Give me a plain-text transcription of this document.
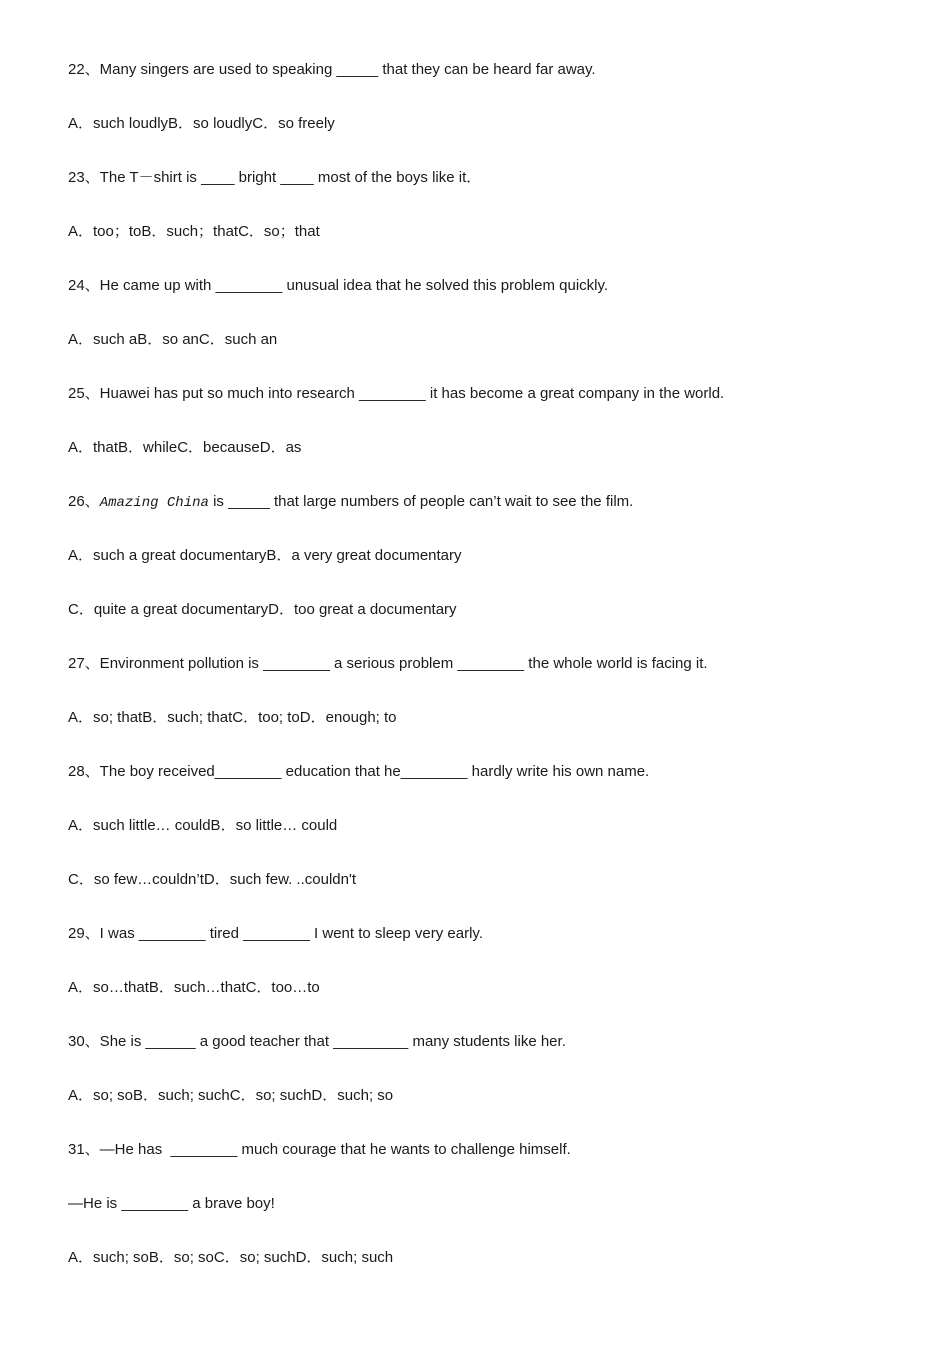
22、Many singers are used to speaking _____ that they can be heard far away.
A．such loudlyB．so loudlyC．so freely
23、The T－shirt is ____ bright ____ most of the boys like it．
A．too；toB．such；thatC．so；that
24、He came up with ________ unusual idea that he solved this problem quickly.
A．such aB．so anC．such an
25、Huawei has put so much into research ________ it has become a great company in the world.
A．thatB．whileC．becauseD．as
26、Amazing China is _____ that large numbers of people can’t wait to see the film.
A．such a great documentaryB．a very great documentary
C．quite a great documentaryD．too great a documentary
27、Environment pollution is ________ a serious problem ________ the whole world is facing it.
A．so; thatB．such; thatC．too; toD．enough; to
28、The boy received________ education that he________ hardly write his own name.
A．such little… couldB．so little… could
C．so few…couldn’tD．such few. ..couldn't
29、I was ________ tired ________ I went to sleep very early.
A．so…thatB．such…thatC．too…to
30、She is ______ a good teacher that _________ many students like her.
A．so; soB．such; suchC．so; suchD．such; so
31、—He has  ________ much courage that he wants to challenge himself.
—He is ________ a brave boy!
A．such; soB．so; soC．so; suchD．such; such
